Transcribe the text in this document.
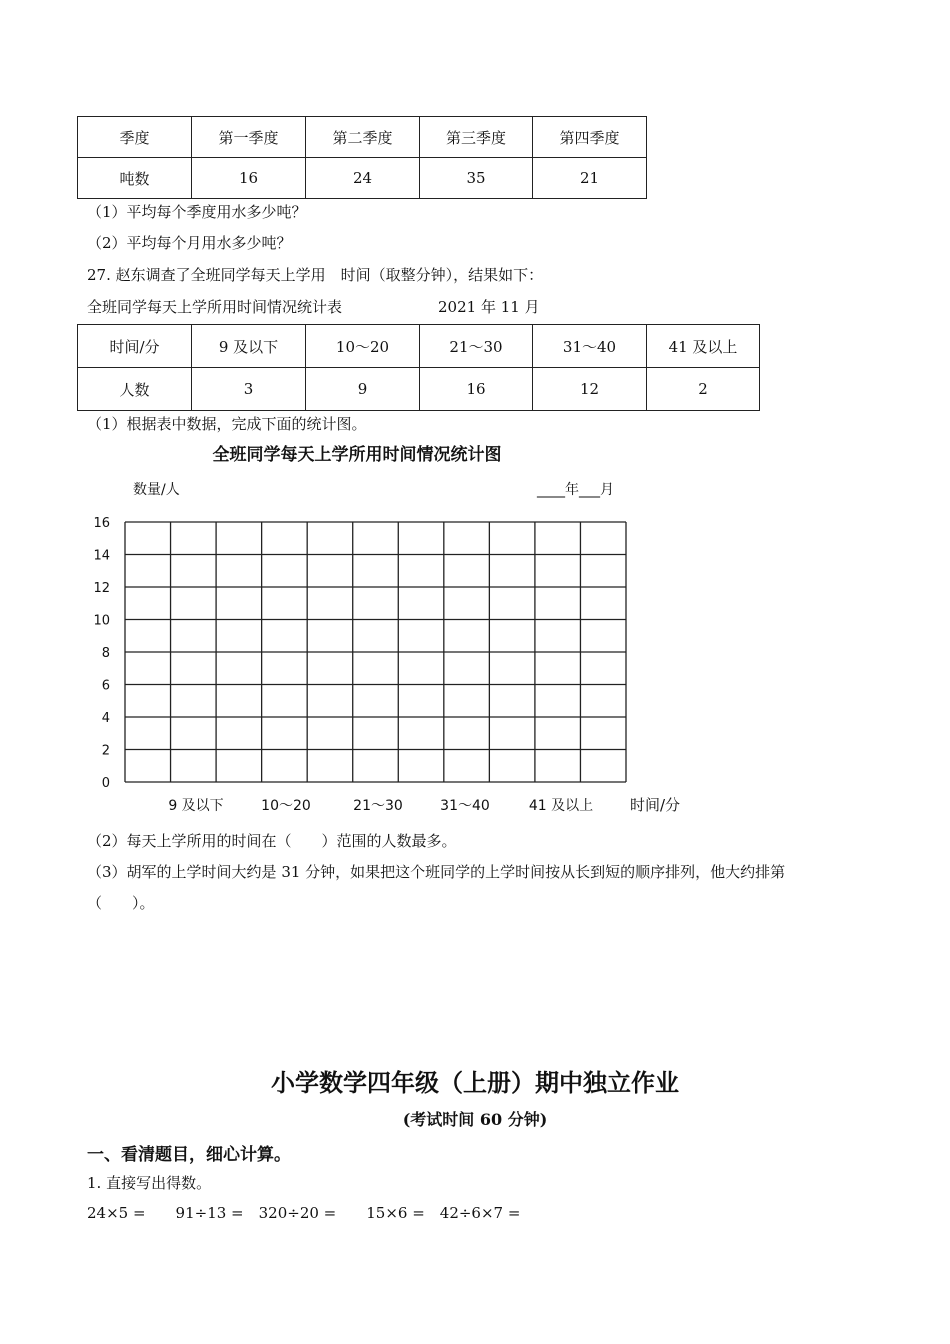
季度	第一季度	第二季度	第三季度	第四季度
吨数	16	24	35	21
（1）平均每个季度用水多少吨？
（2）平均每个月用水多少吨？
27. 赵东调查了全班同学每天上学用　时间（取整分钟），结果如下：
全班同学每天上学所用时间情况统计表	2021 年 11 月
时间/分	9 及以下	10～20	21～30	31～40	41 及以上
人数	3	9	16	12	2
（1）根据表中数据，完成下面的统计图。
全班同学每天上学所用时间情况统计图
数量/人	____年___月
0
2
4
6
8
10
12
14
16
9 及以下	10～20	21～30	31～40	41 及以上 时间/分
（2）每天上学所用的时间在（　　）范围的人数最多。
（3）胡军的上学时间大约是 31 分钟，如果把这个班同学的上学时间按从长到短的顺序排列，他大约排第
（　　）。
小学数学四年级（上册）期中独立作业
(考试时间 60 分钟)
一、看清题目，细心计算。
1. 直接写出得数。
24×5 =　　91÷13 =　320÷20 =　　15×6 =　42÷6×7 =
